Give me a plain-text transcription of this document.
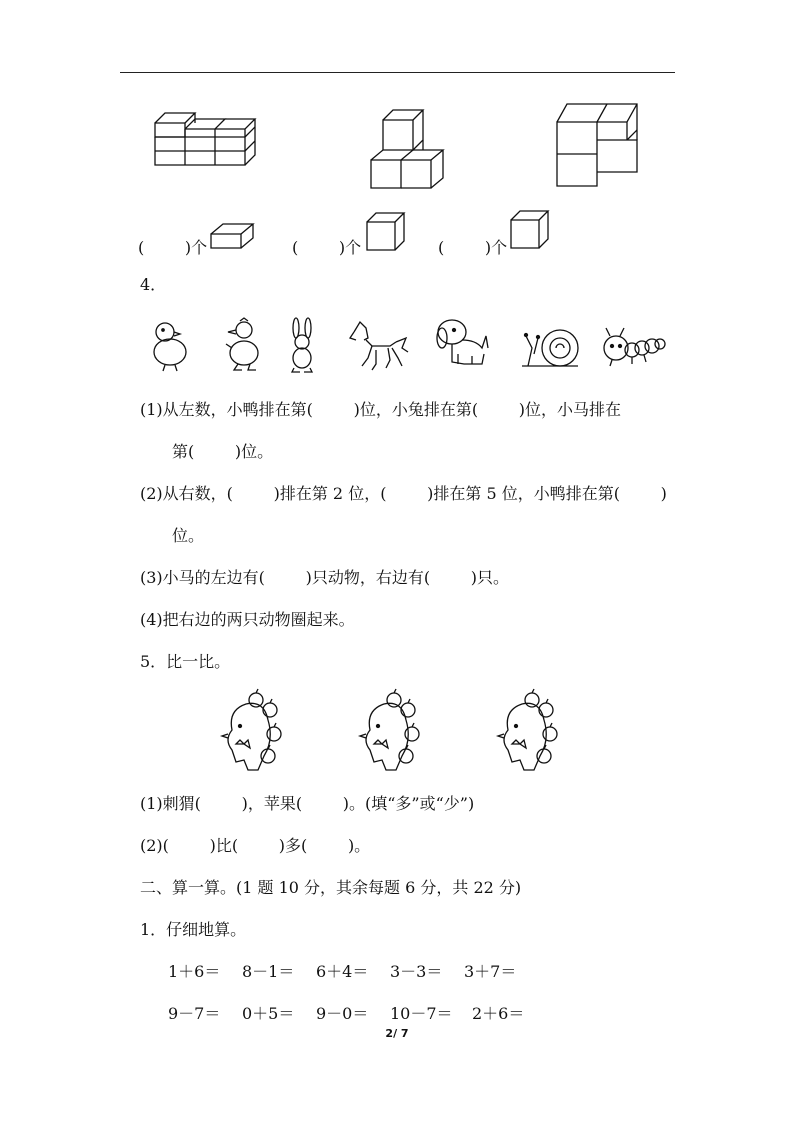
(        )个	(        )个	(        )个
4．
(1)从左数，小鸭排在第(        )位，小兔排在第(        )位，小马排在
第(        )位。
(2)从右数，(        )排在第 2 位，(        )排在第 5 位，小鸭排在第(        )
位。
(3)小马的左边有(        )只动物，右边有(        )只。
(4)把右边的两只动物圈起来。
5．比一比。
(1)刺猬(        )，苹果(        )。(填“多”或“少”)
(2)(        )比(        )多(        )。
二、算一算。(1 题 10 分，其余每题 6 分，共 22 分)
1．仔细地算。
1＋6＝ 8－1＝ 6＋4＝ 3－3＝ 3＋7＝
9－7＝ 0＋5＝ 9－0＝ 10－7＝ 2＋6＝
2/ 7
